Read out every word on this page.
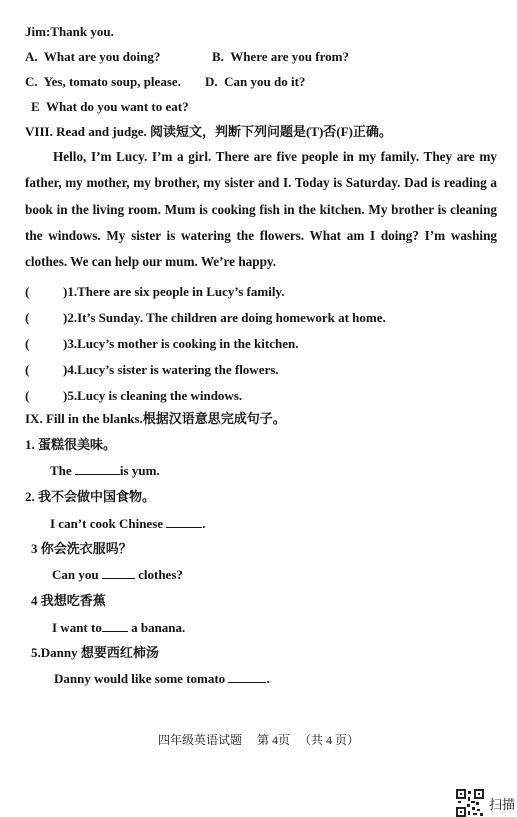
Jim:Thank you.
A. What are you doing?	B. Where are you from?
C. Yes, tomato soup, please. D. Can you do it?
E What do you want to eat?
VIII. Read and judge. 阅读短文，判断下列问题是(T)否(F)正确。
Hello, I’m Lucy. I’m a girl. There are five people in my family. They are my father, my mother, my brother, my sister and I. Today is Saturday. Dad is reading a book in the living room. Mum is cooking fish in the kitchen. My brother is cleaning the windows. My sister is watering the flowers. What am I doing? I’m washing clothes. We can help our mum. We’re happy.
(	)1.There are six people in Lucy’s family.
(	)2.It’s Sunday. The children are doing homework at home.
(	)3.Lucy’s mother is cooking in the kitchen.
(	)4.Lucy’s sister is watering the flowers.
(	)5.Lucy is cleaning the windows.
IX. Fill in the blanks.根据汉语意思完成句子。
1. 蛋糕很美味。
The	is yum.
2. 我不会做中国食物。
I can’t cook Chinese	.
3 你会洗衣服吗？
Can you	clothes?
4 我想吃香蕉
I want to a banana.
5.Danny 想要西红柿汤
Danny would like some tomato	.
四年级英语试题 第 4页 （共 4 页）
扫描
